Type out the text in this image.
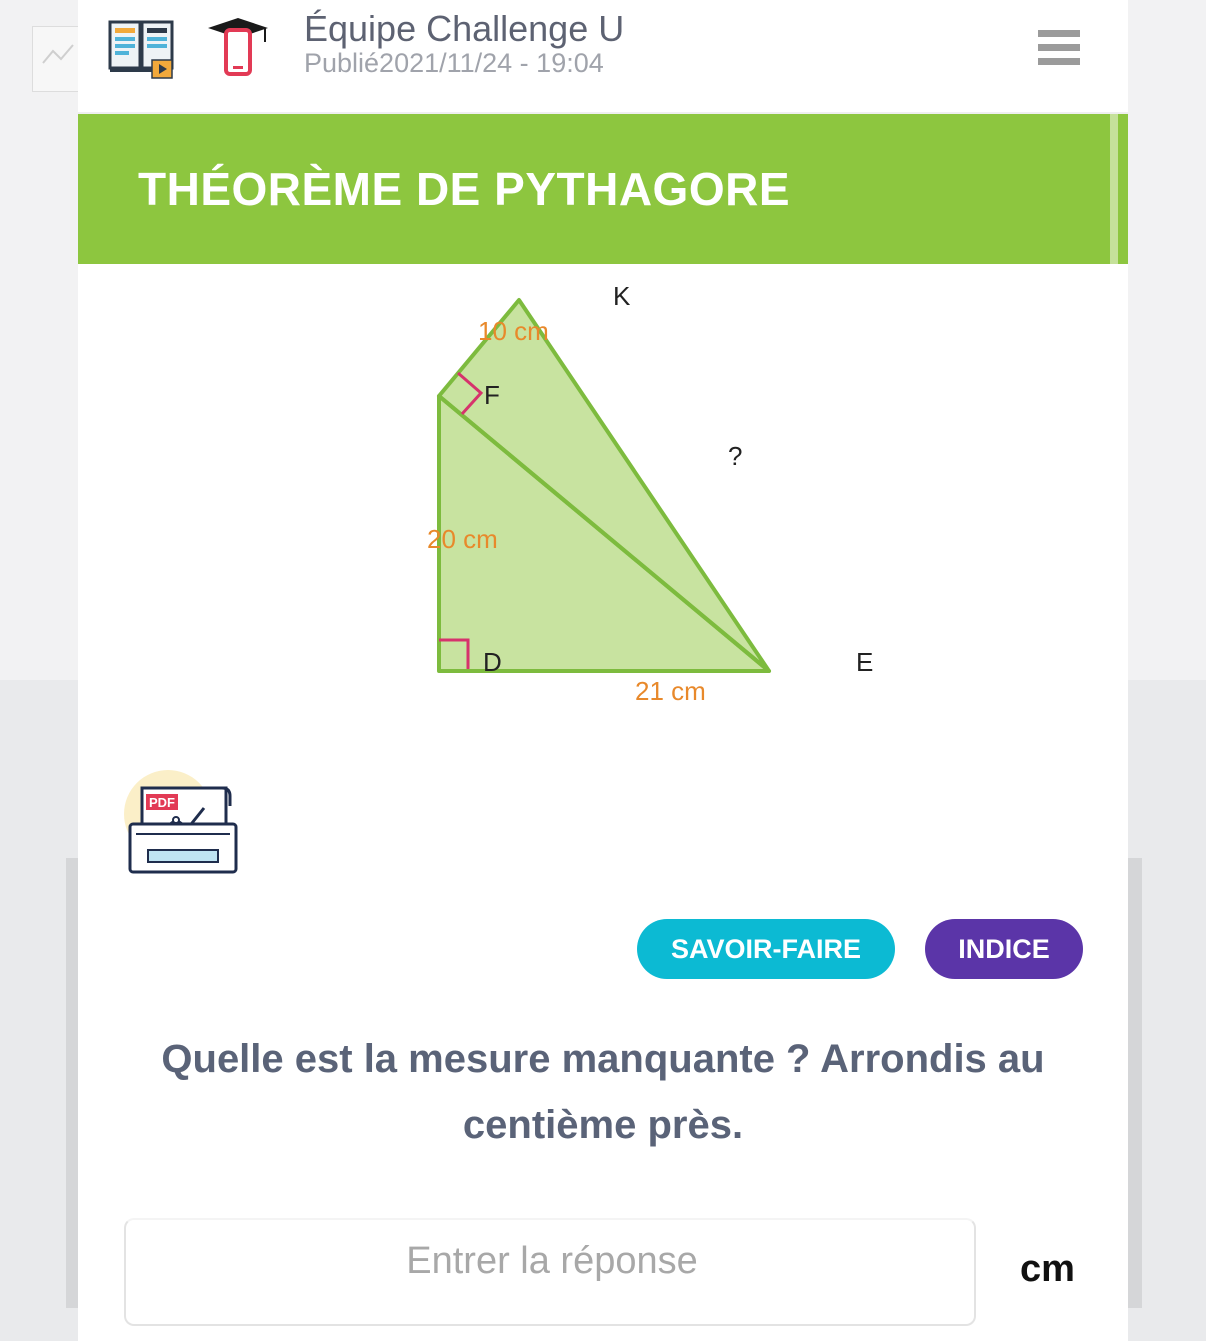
Équipe Challenge U
Publié2021/11/24 - 19:04
THÉORÈME DE PYTHAGORE
K
F
D	E
10 cm
20 cm
21 cm
?
PDF
SAVOIR-FAIRE	INDICE
Quelle est la mesure manquante ? Arrondis au centième près.
Entrer la réponse
cm
